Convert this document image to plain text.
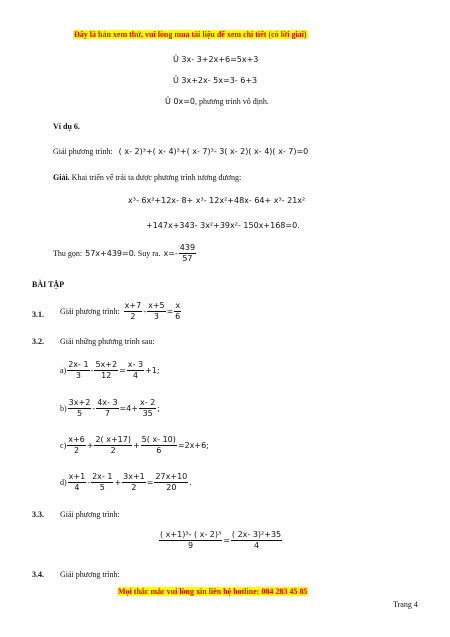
Đây là bản xem thử, vui lòng mua tài liệu để xem chi tiết (có lời giải)
Û 3x- 3+2x+6=5x+3
Û 3x+2x- 5x=3- 6+3
Û 0x=0, phương trình vô định.
Ví dụ 6.
Giải phương trình: ( x- 2)³+( x- 4)³+( x- 7)³- 3( x- 2)( x- 4)( x- 7)=0
Giải. Khai triển vế trái ta được phương trình tương đương:
x³- 6x²+12x- 8+ x³- 12x²+48x- 64+ x³- 21x²
+147x+343- 3x²+39x²- 150x+168=0.
Thu gọn: 57x+439=0 . Suy ra. $x=- \frac{439}{57}$
BÀI TẬP
3.1. Giải phương trình: $\frac{x+7}{2} - \frac{x+5}{3} = \frac{x}{6}$
3.2. Giải những phương trình sau:
$a) \frac{2x- 1}{3} - \frac{5x+2}{12} = \frac{x- 3}{4} +1$;
$b) \frac{3x+2}{5} - \frac{4x- 3}{7} =4+ \frac{x- 2}{35}$ ;
$c) \frac{x+6}{2} + \frac{2( x+17)}{2} + \frac{5( x- 10)}{6} =2x+6$;
$d) \frac{x+1}{4} - \frac{2x- 1}{5} + \frac{3x+1}{2} = \frac{27x+10}{20}$ .
3.3. Giải phương trình:
$\frac{\text{( x+1)³- ( x- 2)³}}{9} = \frac{\text{( 2x- 3)²+35}}{4}$
3.4. Giải phương trình:
Mọi thắc mắc vui lòng xin liên hệ hotline: 084 283 45 85
Trang 4
